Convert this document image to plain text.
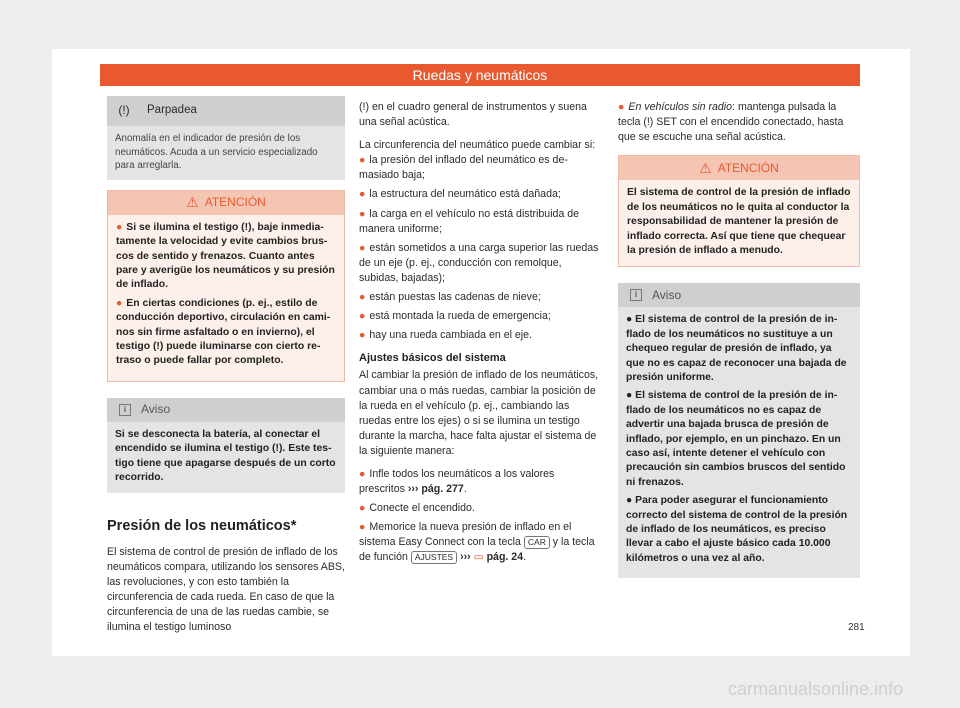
Ruedas y neumáticos
(!)	Parpadea

Anomalía en el indicador de presión de los neumáticos. Acuda a un servicio especializado para arreglarla.

⚠ ATENCIÓN

● Si se ilumina el testigo (!), baje inmediatamente la velocidad y evite cambios bruscos de sentido y frenazos. Cuanto antes pare y averigüe los neumáticos y su presión de inflado.

● En ciertas condiciones (p. ej., estilo de conducción deportivo, circulación en caminos sin firme asfaltado o en invierno), el testigo (!) puede iluminarse con cierto retraso o puede fallar por completo.

i	Aviso

Si se desconecta la batería, al conectar el encendido se ilumina el testigo (!). Este testigo tiene que apagarse después de un corto recorrido.

Presión de los neumáticos*

El sistema de control de presión de inflado de los neumáticos compara, utilizando los sensores ABS, las revoluciones, y con esto también la circunferencia de cada rueda. En caso de que la circunferencia de una de las ruedas cambie, se ilumina el testigo luminoso

(!) en el cuadro general de instrumentos y suena una señal acústica.

La circunferencia del neumático puede cambiar si:

● la presión del inflado del neumático es demasiado baja;

● la estructura del neumático está dañada;

● la carga en el vehículo no está distribuida de manera uniforme;

● están sometidos a una carga superior las ruedas de un eje (p. ej., conducción con remolque, subidas, bajadas);

● están puestas las cadenas de nieve;

● está montada la rueda de emergencia;

● hay una rueda cambiada en el eje.

Ajustes básicos del sistema

Al cambiar la presión de inflado de los neumáticos, cambiar una o más ruedas, cambiar la posición de la rueda en el vehículo (p. ej., cambiando las ruedas entre los ejes) o si se ilumina un testigo durante la marcha, hace falta ajustar el sistema de la siguiente manera:

● Infle todos los neumáticos a los valores prescritos ››› pág. 277.

● Conecte el encendido.

● Memorice la nueva presión de inflado en el sistema Easy Connect con la tecla CAR y la tecla de función AJUSTES ››› ▭ pág. 24.

● En vehículos sin radio: mantenga pulsada la tecla (!) SET con el encendido conectado, hasta que se escuche una señal acústica.

⚠ ATENCIÓN

El sistema de control de la presión de inflado de los neumáticos no le quita al conductor la responsabilidad de mantener la presión de inflado correcta. Así que tiene que chequear la presión de inflado a menudo.

i	Aviso

● El sistema de control de la presión de inflado de los neumáticos no sustituye a un chequeo regular de presión de inflado, ya que no es capaz de reconocer una bajada de presión uniforme.

● El sistema de control de la presión de inflado de los neumáticos no es capaz de advertir una bajada brusca de presión de inflado, por ejemplo, en un pinchazo. En un caso así, intente detener el vehículo con precaución sin cambios bruscos del sentido ni frenazos.

● Para poder asegurar el funcionamiento correcto del sistema de control de la presión de inflado de los neumáticos, es preciso llevar a cabo el ajuste básico cada 10.000 kilómetros o una vez al año.

281
carmanualsonline.info
